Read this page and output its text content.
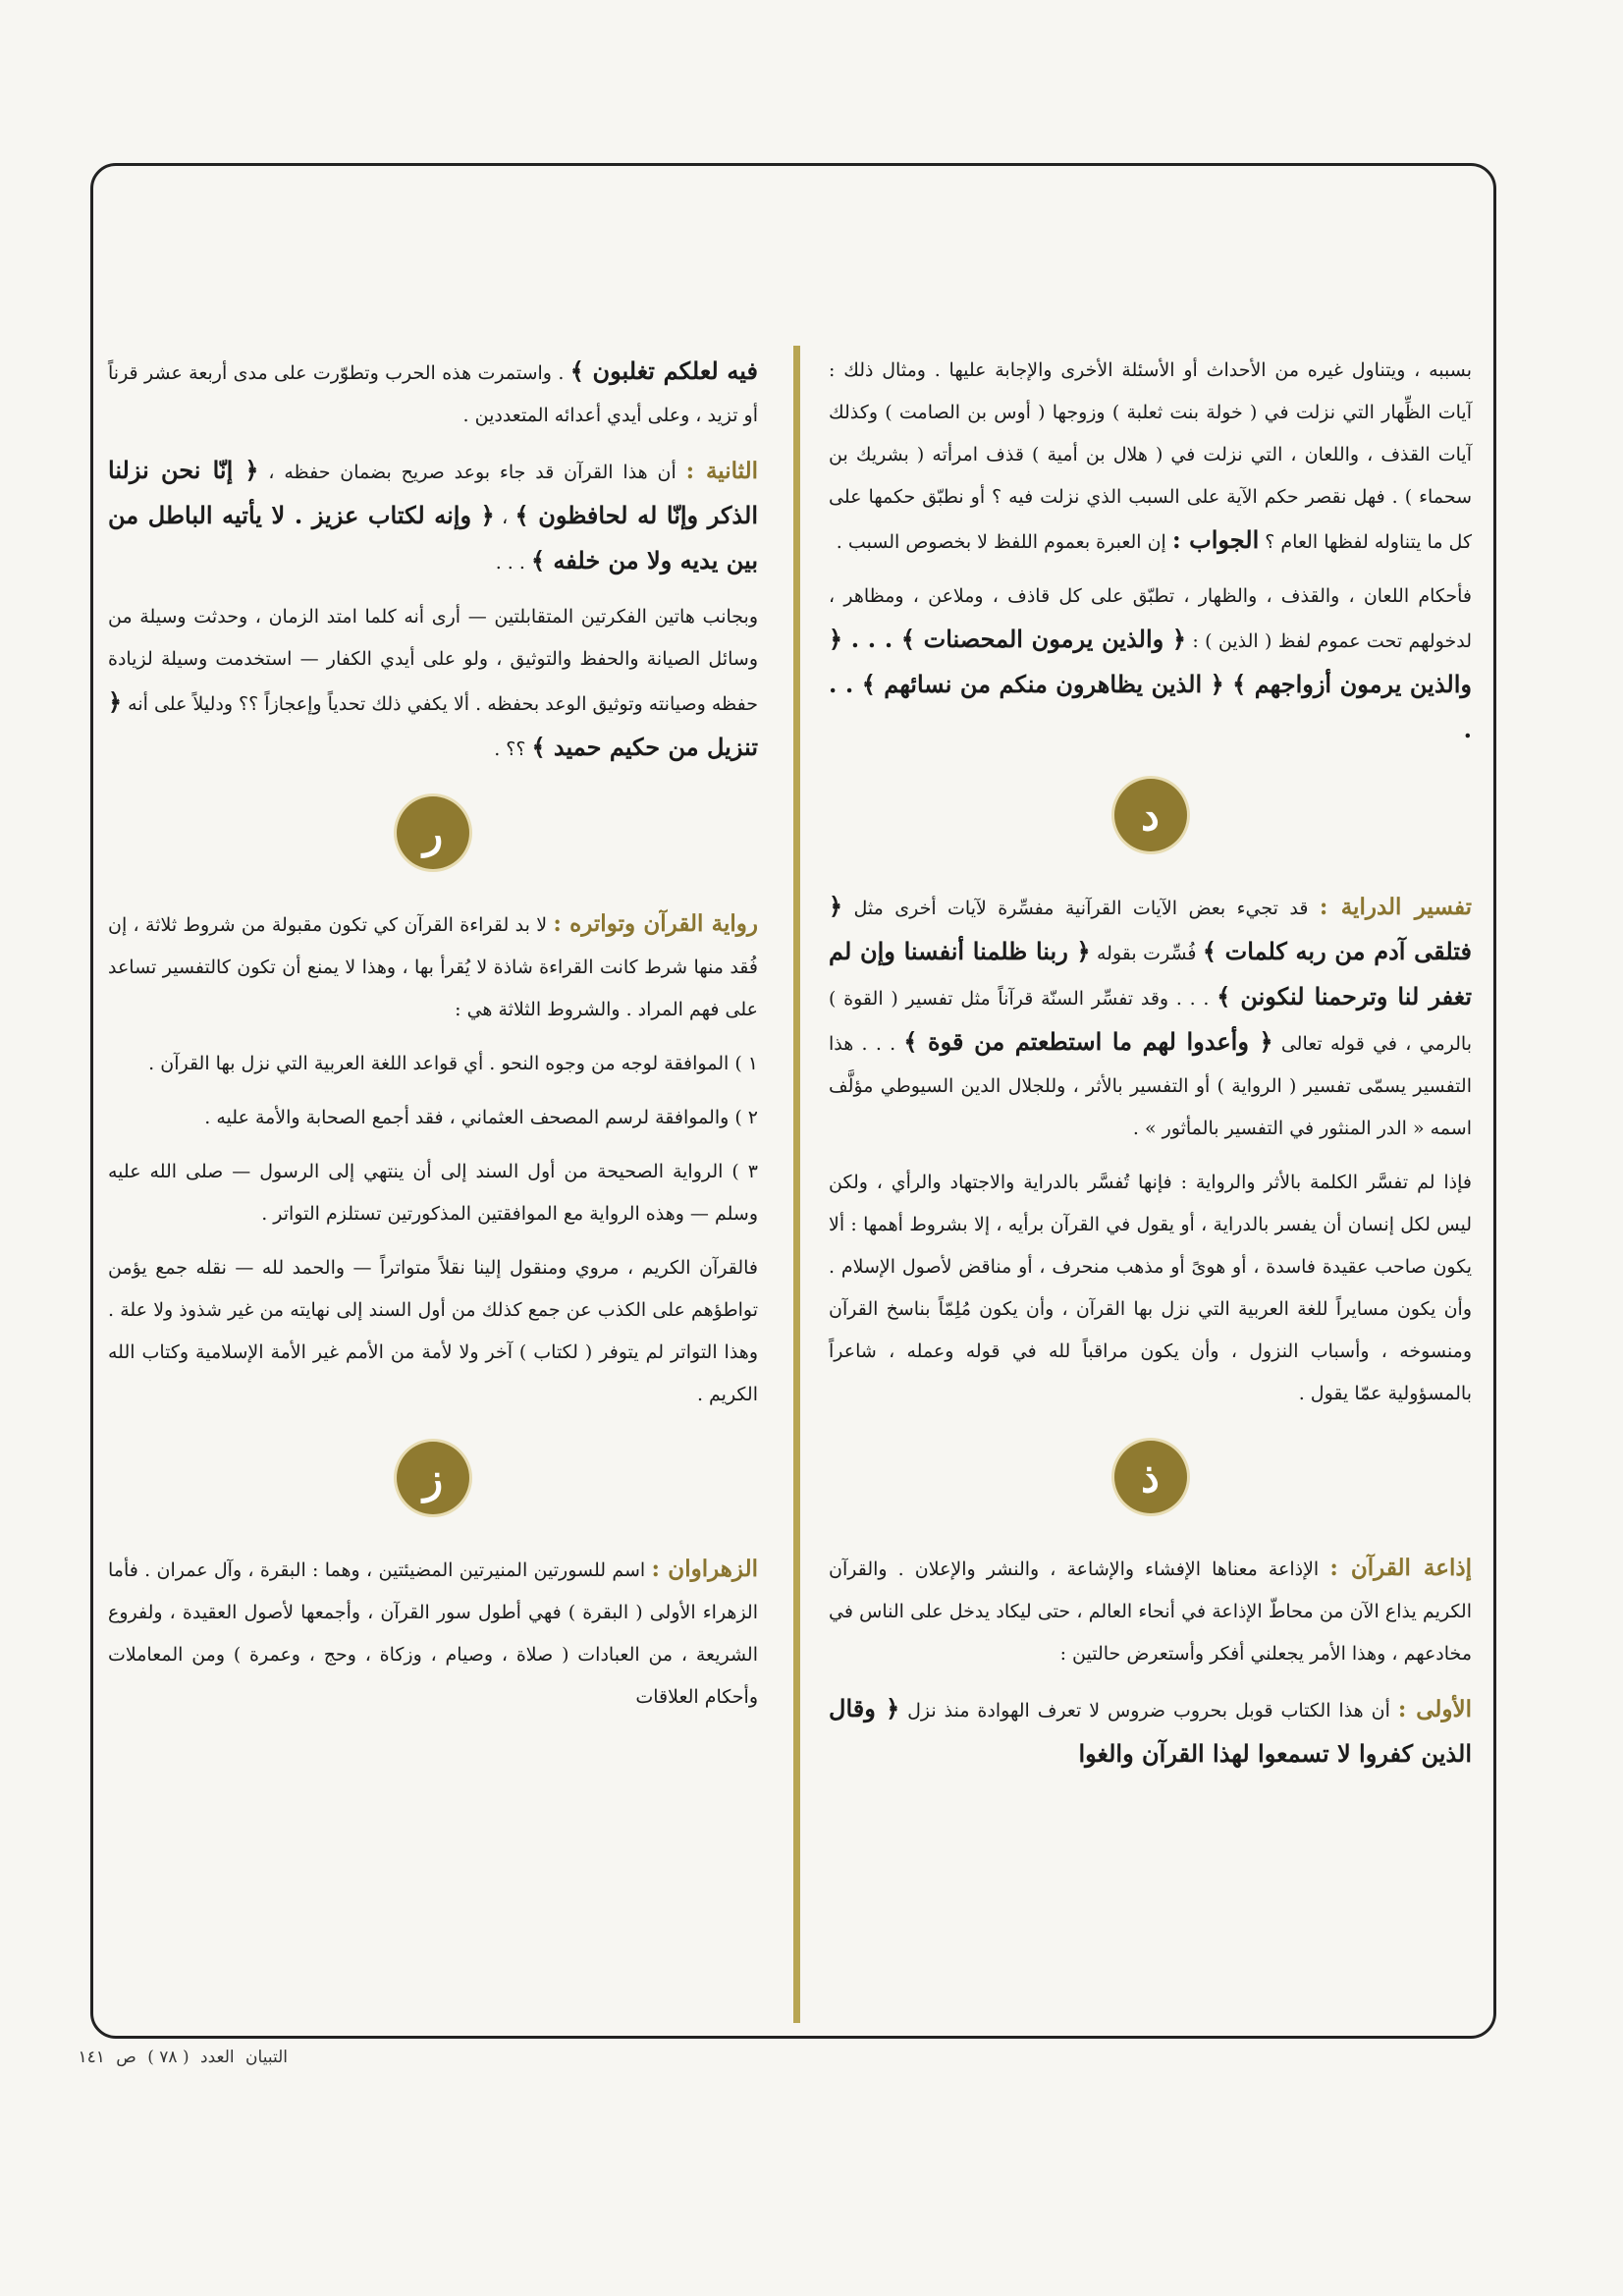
بسببه ، ويتناول غيره من الأحداث أو الأسئلة الأخرى والإجابة عليها . ومثال ذلك : آيات الظِّهار التي نزلت في ( خولة بنت ثعلبة ) وزوجها ( أوس بن الصامت ) وكذلك آيات القذف ، واللعان ، التي نزلت في ( هلال بن أمية ) قذف امرأته ( بشريك بن سحماء ) . فهل نقصر حكم الآية على السبب الذي نزلت فيه ؟ أو نطبّق حكمها على كل ما يتناوله لفظها العام ؟ الجواب : إن العبرة بعموم اللفظ لا بخصوص السبب .

فأحكام اللعان ، والقذف ، والظهار ، تطبّق على كل قاذف ، وملاعن ، ومظاهر ، لدخولهم تحت عموم لفظ ( الذين ) : ﴿ والذين يرمون المحصنات ﴾ . . . ﴿ والذين يرمون أزواجهم ﴾ ﴿ الذين يظاهرون منكم من نسائهم ﴾ . . .

د

تفسير الدراية : قد تجيء بعض الآيات القرآنية مفسِّرة لآيات أخرى مثل ﴿ فتلقى آدم من ربه كلمات ﴾ فُسِّرت بقوله ﴿ ربنا ظلمنا أنفسنا وإن لم تغفر لنا وترحمنا لنكونن ﴾ . . . وقد تفسِّر السنّة قرآناً مثل تفسير ( القوة ) بالرمي ، في قوله تعالى ﴿ وأعدوا لهم ما استطعتم من قوة ﴾ . . . هذا التفسير يسمّى تفسير ( الرواية ) أو التفسير بالأثر ، وللجلال الدين السيوطي مؤلَّف اسمه « الدر المنثور في التفسير بالمأثور » .

فإذا لم تفسَّر الكلمة بالأثر والرواية : فإنها تُفسَّر بالدراية والاجتهاد والرأي ، ولكن ليس لكل إنسان أن يفسر بالدراية ، أو يقول في القرآن برأيه ، إلا بشروط أهمها : ألا يكون صاحب عقيدة فاسدة ، أو هوىً أو مذهب منحرف ، أو مناقض لأصول الإسلام . وأن يكون مسايراً للغة العربية التي نزل بها القرآن ، وأن يكون مُلِمّاً بناسخ القرآن ومنسوخه ، وأسباب النزول ، وأن يكون مراقباً لله في قوله وعمله ، شاعراً بالمسؤولية عمّا يقول .

ذ

إذاعة القرآن : الإذاعة معناها الإفشاء والإشاعة ، والنشر والإعلان . والقرآن الكريم يذاع الآن من محاطّ الإذاعة في أنحاء العالم ، حتى ليكاد يدخل على الناس في مخادعهم ، وهذا الأمر يجعلني أفكر وأستعرض حالتين :

الأولى : أن هذا الكتاب قوبل بحروب ضروس لا تعرف الهوادة منذ نزل ﴿ وقال الذين كفروا لا تسمعوا لهذا القرآن والغوا

فيه لعلكم تغلبون ﴾ . واستمرت هذه الحرب وتطوّرت على مدى أربعة عشر قرناً أو تزيد ، وعلى أيدي أعدائه المتعددين .

الثانية : أن هذا القرآن قد جاء بوعد صريح بضمان حفظه ، ﴿ إنّا نحن نزلنا الذكر وإنّا له لحافظون ﴾ ، ﴿ وإنه لكتاب عزيز . لا يأتيه الباطل من بين يديه ولا من خلفه ﴾ . . .

وبجانب هاتين الفكرتين المتقابلتين — أرى أنه كلما امتد الزمان ، وحدثت وسيلة من وسائل الصيانة والحفظ والتوثيق ، ولو على أيدي الكفار — استخدمت وسيلة لزيادة حفظه وصيانته وتوثيق الوعد بحفظه . ألا يكفي ذلك تحدياً وإعجازاً ؟؟ ودليلاً على أنه ﴿ تنزيل من حكيم حميد ﴾ ؟؟ .

ر

رواية القرآن وتواتره : لا بد لقراءة القرآن كي تكون مقبولة من شروط ثلاثة ، إن فُقد منها شرط كانت القراءة شاذة لا يُقرأ بها ، وهذا لا يمنع أن تكون كالتفسير تساعد على فهم المراد . والشروط الثلاثة هي :

١ ) الموافقة لوجه من وجوه النحو . أي قواعد اللغة العربية التي نزل بها القرآن .

٢ ) والموافقة لرسم المصحف العثماني ، فقد أجمع الصحابة والأمة عليه .

٣ ) الرواية الصحيحة من أول السند إلى أن ينتهي إلى الرسول — صلى الله عليه وسلم — وهذه الرواية مع الموافقتين المذكورتين تستلزم التواتر .

فالقرآن الكريم ، مروي ومنقول إلينا نقلاً متواتراً — والحمد لله — نقله جمع يؤمن تواطؤهم على الكذب عن جمع كذلك من أول السند إلى نهايته من غير شذوذ ولا علة . وهذا التواتر لم يتوفر ( لكتاب ) آخر ولا لأمة من الأمم غير الأمة الإسلامية وكتاب الله الكريم .

ز

الزهراوان : اسم للسورتين المنيرتين المضيئتين ، وهما : البقرة ، وآل عمران . فأما الزهراء الأولى ( البقرة ) فهي أطول سور القرآن ، وأجمعها لأصول العقيدة ، ولفروع الشريعة ، من العبادات ( صلاة ، وصيام ، وزكاة ، وحج ، وعمرة ) ومن المعاملات وأحكام العلاقات

التبيان العدد ( ٧٨ ) ص ١٤١
